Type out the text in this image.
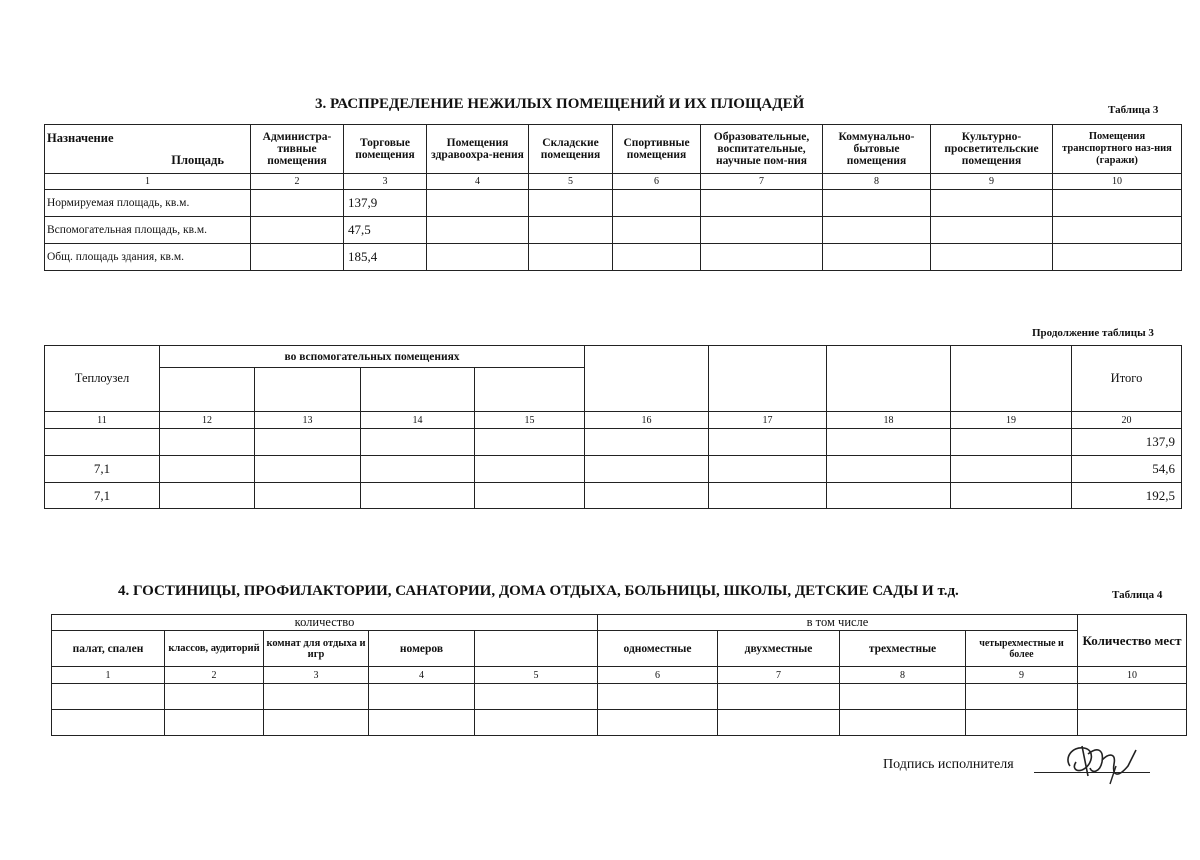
3. РАСПРЕДЕЛЕНИЕ НЕЖИЛЫХ ПОМЕЩЕНИЙ И ИХ ПЛОЩАДЕЙ	Таблица 3
Назначение
Площадь	Администра-тивные помещения	Торговые помещения	Помещения здравоохра-нения	Складские помещения	Спортивные помещения	Образовательные, воспитательные, научные пом-ния	Коммунально-бытовые помещения	Культурно-просветительские помещения	Помещения транспортного наз-ния (гаражи)
1	2	3	4	5	6	7	8	9	10
Нормируемая площадь, кв.м.		137,9							
Вспомогательная площадь, кв.м.		47,5							
Общ. площадь здания, кв.м.		185,4							
Продолжение таблицы 3
Теплоузел	во вспомогательных помещениях								Итого

11	12	13	14	15	16	17	18	19	20
									137,9
7,1									54,6
7,1									192,5
4. ГОСТИНИЦЫ, ПРОФИЛАКТОРИИ, САНАТОРИИ, ДОМА ОТДЫХА, БОЛЬНИЦЫ, ШКОЛЫ, ДЕТСКИЕ САДЫ И т.д.	Таблица 4
количество					в том числе				Количество мест
палат, спален	классов, аудиторий	комнат для отдыха и игр	номеров		одноместные	двухместные	трехместные	четырехместные и более	
1	2	3	4	5	6	7	8	9	10

Подпись исполнителя
